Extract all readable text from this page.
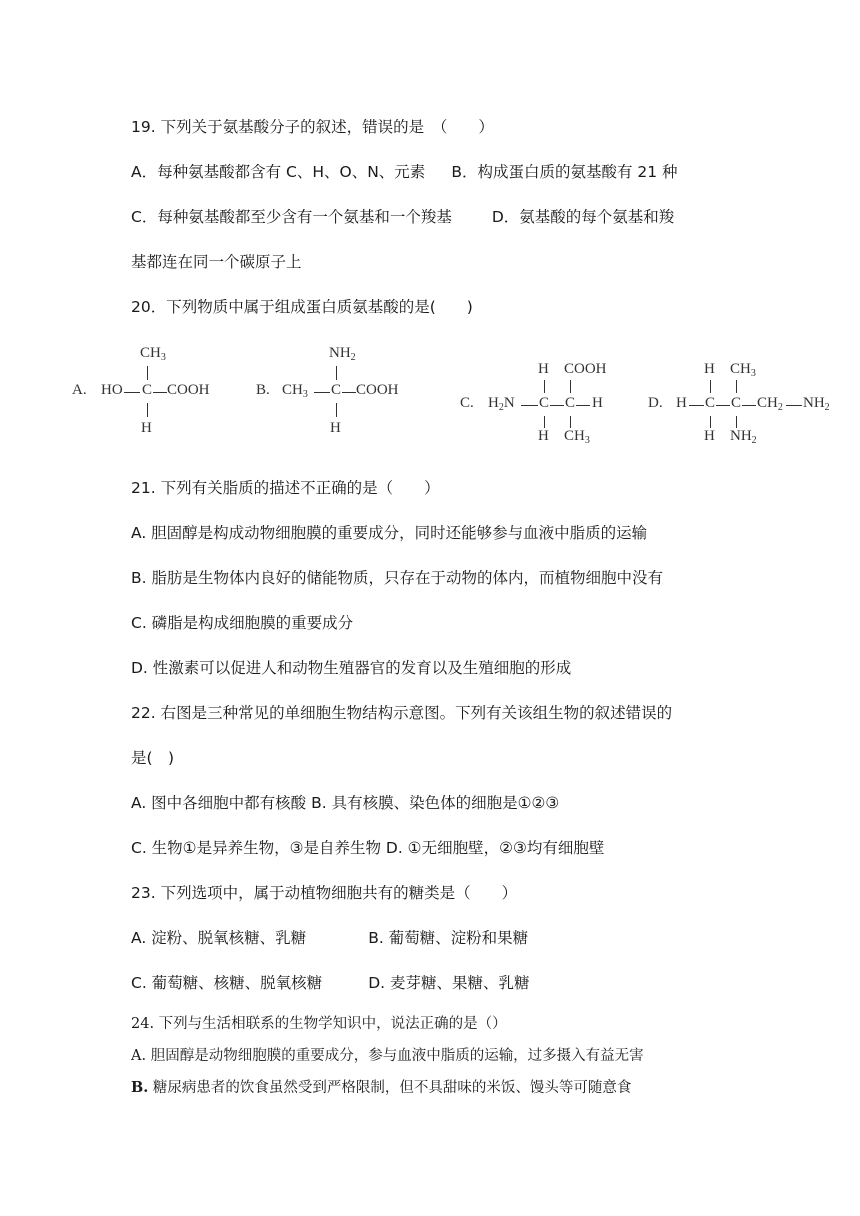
19. 下列关于氨基酸分子的叙述，错误的是　（　　）
A．每种氨基酸都含有 C、H、O、N、元素 B．构成蛋白质的氨基酸有 21 种
C．每种氨基酸都至少含有一个氨基和一个羧基	D．氨基酸的每个氨基和羧
基都连在同一个碳原子上
20．下列物质中属于组成蛋白质氨基酸的是(　　)
A.
$CH_3$
HO C COOH
H
B.
$NH_2$
$CH_3$ C COOH
H
C.
H COOH
$H_2N$ C C H
H $CH_3$
D.
H $CH_3$
H C C $CH_2$ $NH_2$
H $NH_2$
21. 下列有关脂质的描述不正确的是（　　）
A. 胆固醇是构成动物细胞膜的重要成分，同时还能够参与血液中脂质的运输
B. 脂肪是生物体内良好的储能物质，只存在于动物的体内，而植物细胞中没有
C. 磷脂是构成细胞膜的重要成分
D. 性激素可以促进人和动物生殖器官的发育以及生殖细胞的形成
22. 右图是三种常见的单细胞生物结构示意图。下列有关该组生物的叙述错误的
是(　)
A. 图中各细胞中都有核酸 B. 具有核膜、染色体的细胞是①②③
C. 生物①是异养生物，③是自养生物 D. ①无细胞壁，②③均有细胞壁
23. 下列选项中，属于动植物细胞共有的糖类是（　　）
A. 淀粉、脱氧核糖、乳糖	B. 葡萄糖、淀粉和果糖
C. 葡萄糖、核糖、脱氧核糖	D. 麦芽糖、果糖、乳糖
24. 下列与生活相联系的生物学知识中，说法正确的是（）
A. 胆固醇是动物细胞膜的重要成分，参与血液中脂质的运输，过多摄入有益无害
B. 糖尿病患者的饮食虽然受到严格限制，但不具甜味的米饭、馒头等可随意食
